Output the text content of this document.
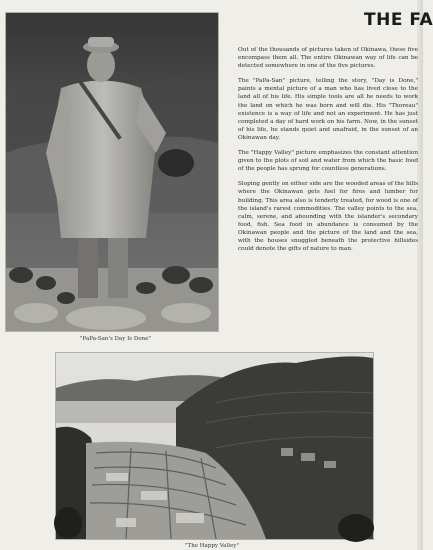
THE FA
"PaPa-San's Day Is Done"

Out of the thousands of pictures taken of Okinawa, these five encompass them all. The entire Okinawan way of life can be detected somewhere in one of the five pictures.

The "PaPa-San" picture, telling the story, "Day is Done," paints a mental picture of a man who has lived close to the land all of his life. His simple tools are all he needs to work the land on which he was born and will die. His "Thoreau" existence is a way of life and not an experiment. He has just completed a day of hard work on his farm. Now, in the sunset of his life, he stands quiet and unafraid, in the sunset of an Okinawan day.

The "Happy Valley" picture emphasizes the constant attention given to the plots of soil and water from which the basic food of the people has sprung for countless generations.

Sloping gently on either side are the wooded areas of the hills where the Okinawan gets fuel for fires and lumber for building. This area also is tenderly treated, for wood is one of the island's rarest commodities. The valley points to the sea, calm, serene, and abounding with the islander's secondary food, fish. Sea food in abundance is consumed by the Okinawan people and the picture of the land and the sea, with the houses snuggled beneath the protective hillsides could denote the gifts of nature to man.

"The Happy Valley"
